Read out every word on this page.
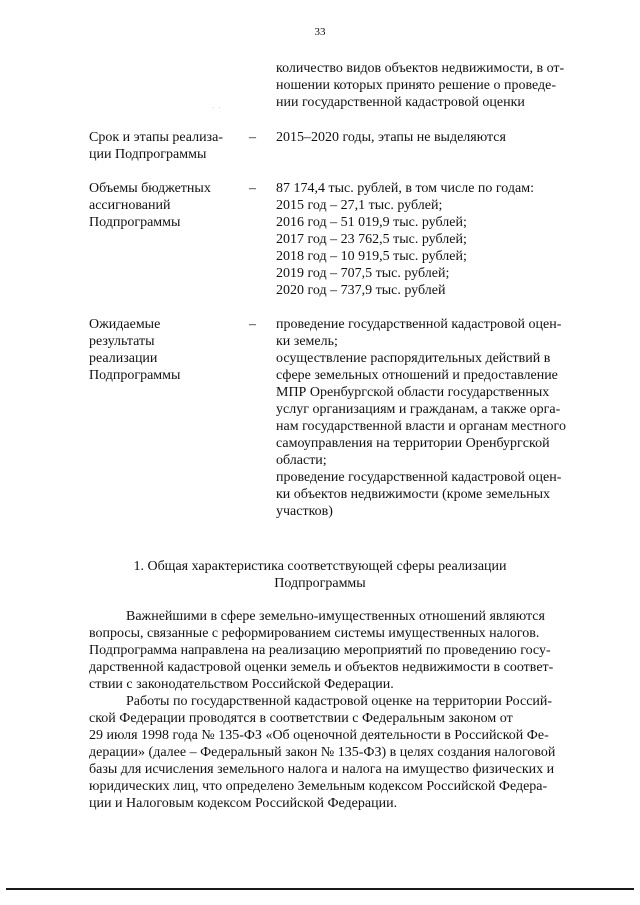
33
· ·
количество видов объектов недвижимости, в от-
ношении которых принято решение о проведе-
нии государственной кадастровой оценки
Срок и этапы реализа-
ции Подпрограммы
– 2015–2020 годы, этапы не выделяются
Объемы бюджетных
ассигнований
Подпрограммы
– 87 174,4 тыс. рублей, в том числе по годам:
2015 год – 27,1 тыс. рублей;
2016 год – 51 019,9 тыс. рублей;
2017 год – 23 762,5 тыс. рублей;
2018 год – 10 919,5 тыс. рублей;
2019 год – 707,5 тыс. рублей;
2020 год – 737,9 тыс. рублей
Ожидаемые
результаты
реализации
Подпрограммы
– проведение государственной кадастровой оцен-
ки земель;
осуществление распорядительных действий в
сфере земельных отношений и предоставление
МПР Оренбургской области государственных
услуг организациям и гражданам, а также орга-
нам государственной власти и органам местного
самоуправления на территории Оренбургской
области;
проведение государственной кадастровой оцен-
ки объектов недвижимости (кроме земельных
участков)
1. Общая характеристика соответствующей сферы реализации
Подпрограммы
Важнейшими в сфере земельно-имущественных отношений являются
вопросы, связанные с реформированием системы имущественных налогов.
Подпрограмма направлена на реализацию мероприятий по проведению госу-
дарственной кадастровой оценки земель и объектов недвижимости в соответ-
ствии с законодательством Российской Федерации.
Работы по государственной кадастровой оценке на территории Россий-
ской Федерации проводятся в соответствии с Федеральным законом от
29 июля 1998 года № 135-ФЗ «Об оценочной деятельности в Российской Фе-
дерации» (далее – Федеральный закон № 135-ФЗ) в целях создания налоговой
базы для исчисления земельного налога и налога на имущество физических и
юридических лиц, что определено Земельным кодексом Российской Федера-
ции и Налоговым кодексом Российской Федерации.
